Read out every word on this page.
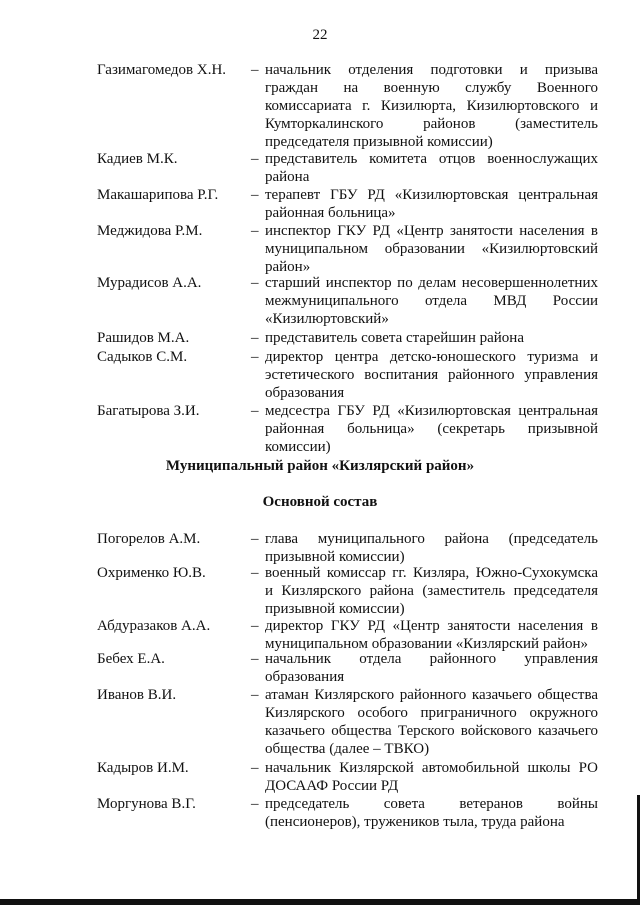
22
Газимагомедов Х.Н.	– начальник отделения подготовки и призыва граждан на военную службу Военного комиссариата г. Кизилюрта, Кизилюртовского и Кумторкалинского районов (заместитель председателя призывной комиссии)
Кадиев М.К.	– представитель комитета отцов военнослужащих района
Макашарипова Р.Г.	– терапевт ГБУ РД «Кизилюртовская центральная районная больница»
Меджидова Р.М.	– инспектор ГКУ РД «Центр занятости населения в муниципальном образовании «Кизилюртовский район»
Мурадисов А.А.	– старший инспектор по делам несовершеннолетних межмуниципального отдела МВД России «Кизилюртовский»
Рашидов М.А.	– представитель совета старейшин района
Садыков С.М.	– директор центра детско-юношеского туризма и эстетического воспитания районного управления образования
Багатырова З.И.	– медсестра ГБУ РД «Кизилюртовская центральная районная больница» (секретарь призывной комиссии)
Муниципальный район «Кизлярский район»
Основной состав
Погорелов А.М.	– глава муниципального района (председатель призывной комиссии)
Охрименко Ю.В.	– военный комиссар гг. Кизляра, Южно-Сухокумска и Кизлярского района (заместитель председателя призывной комиссии)
Абдуразаков А.А.	– директор ГКУ РД «Центр занятости населения в муниципальном образовании «Кизлярский район»
Бебех Е.А.	– начальник отдела районного управления образования
Иванов В.И.	– атаман Кизлярского районного казачьего общества Кизлярского особого приграничного окружного казачьего общества Терского войскового казачьего общества (далее – ТВКО)
Кадыров И.М.	– начальник Кизлярской автомобильной школы РО ДОСААФ России РД
Моргунова В.Г.	– председатель совета ветеранов войны (пенсионеров), тружеников тыла, труда района
